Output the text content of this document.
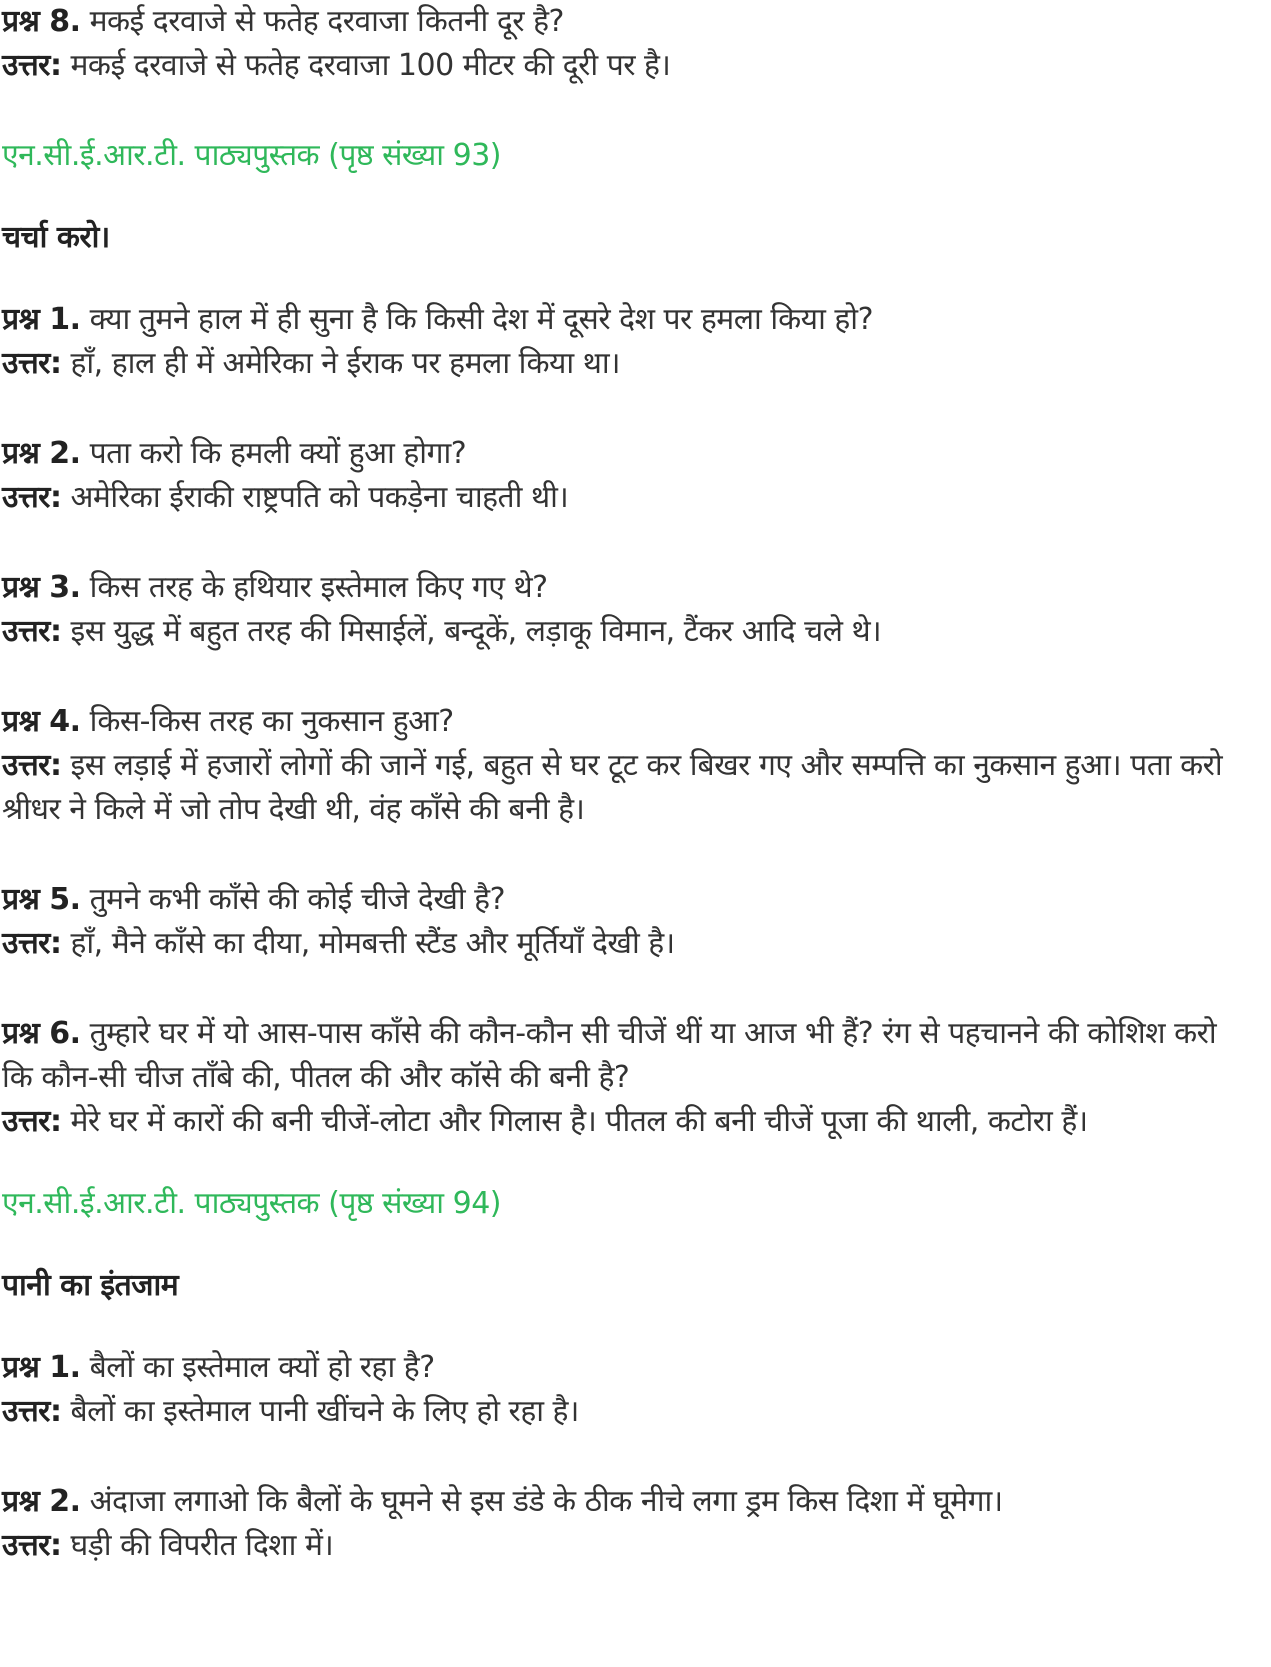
प्रश्न 8. मकई दरवाजे से फतेह दरवाजा कितनी दूर है?

उत्तर: मकई दरवाजे से फतेह दरवाजा 100 मीटर की दूरी पर है।

एन.सी.ई.आर.टी. पाठ्यपुस्तक (पृष्ठ संख्या 93)

चर्चा करो।

प्रश्न 1. क्या तुमने हाल में ही सुना है कि किसी देश में दूसरे देश पर हमला किया हो?

उत्तर: हाँ, हाल ही में अमेरिका ने ईराक पर हमला किया था।

प्रश्न 2. पता करो कि हमली क्यों हुआ होगा?

उत्तर: अमेरिका ईराकी राष्ट्रपति को पकड़ेना चाहती थी।

प्रश्न 3. किस तरह के हथियार इस्तेमाल किए गए थे?

उत्तर: इस युद्ध में बहुत तरह की मिसाईलें, बन्दूकें, लड़ाकू विमान, टैंकर आदि चले थे।

प्रश्न 4. किस-किस तरह का नुकसान हुआ?

उत्तर: इस लड़ाई में हजारों लोगों की जानें गई, बहुत से घर टूट कर बिखर गए और सम्पत्ति का नुकसान हुआ। पता करो श्रीधर ने किले में जो तोप देखी थी, वंह काँसे की बनी है।

प्रश्न 5. तुमने कभी काँसे की कोई चीजे देखी है?

उत्तर: हाँ, मैने काँसे का दीया, मोमबत्ती स्टैंड और मूर्तियाँ देखी है।

प्रश्न 6. तुम्हारे घर में यो आस-पास काँसे की कौन-कौन सी चीजें थीं या आज भी हैं? रंग से पहचानने की कोशिश करो कि कौन-सी चीज ताँबे की, पीतल की और कॉसे की बनी है?

उत्तर: मेरे घर में कारों की बनी चीजें-लोटा और गिलास है। पीतल की बनी चीजें पूजा की थाली, कटोरा हैं।

एन.सी.ई.आर.टी. पाठ्यपुस्तक (पृष्ठ संख्या 94)

पानी का इंतजाम

प्रश्न 1. बैलों का इस्तेमाल क्यों हो रहा है?

उत्तर: बैलों का इस्तेमाल पानी खींचने के लिए हो रहा है।

प्रश्न 2. अंदाजा लगाओ कि बैलों के घूमने से इस डंडे के ठीक नीचे लगा ड्रम किस दिशा में घूमेगा।

उत्तर: घड़ी की विपरीत दिशा में।
